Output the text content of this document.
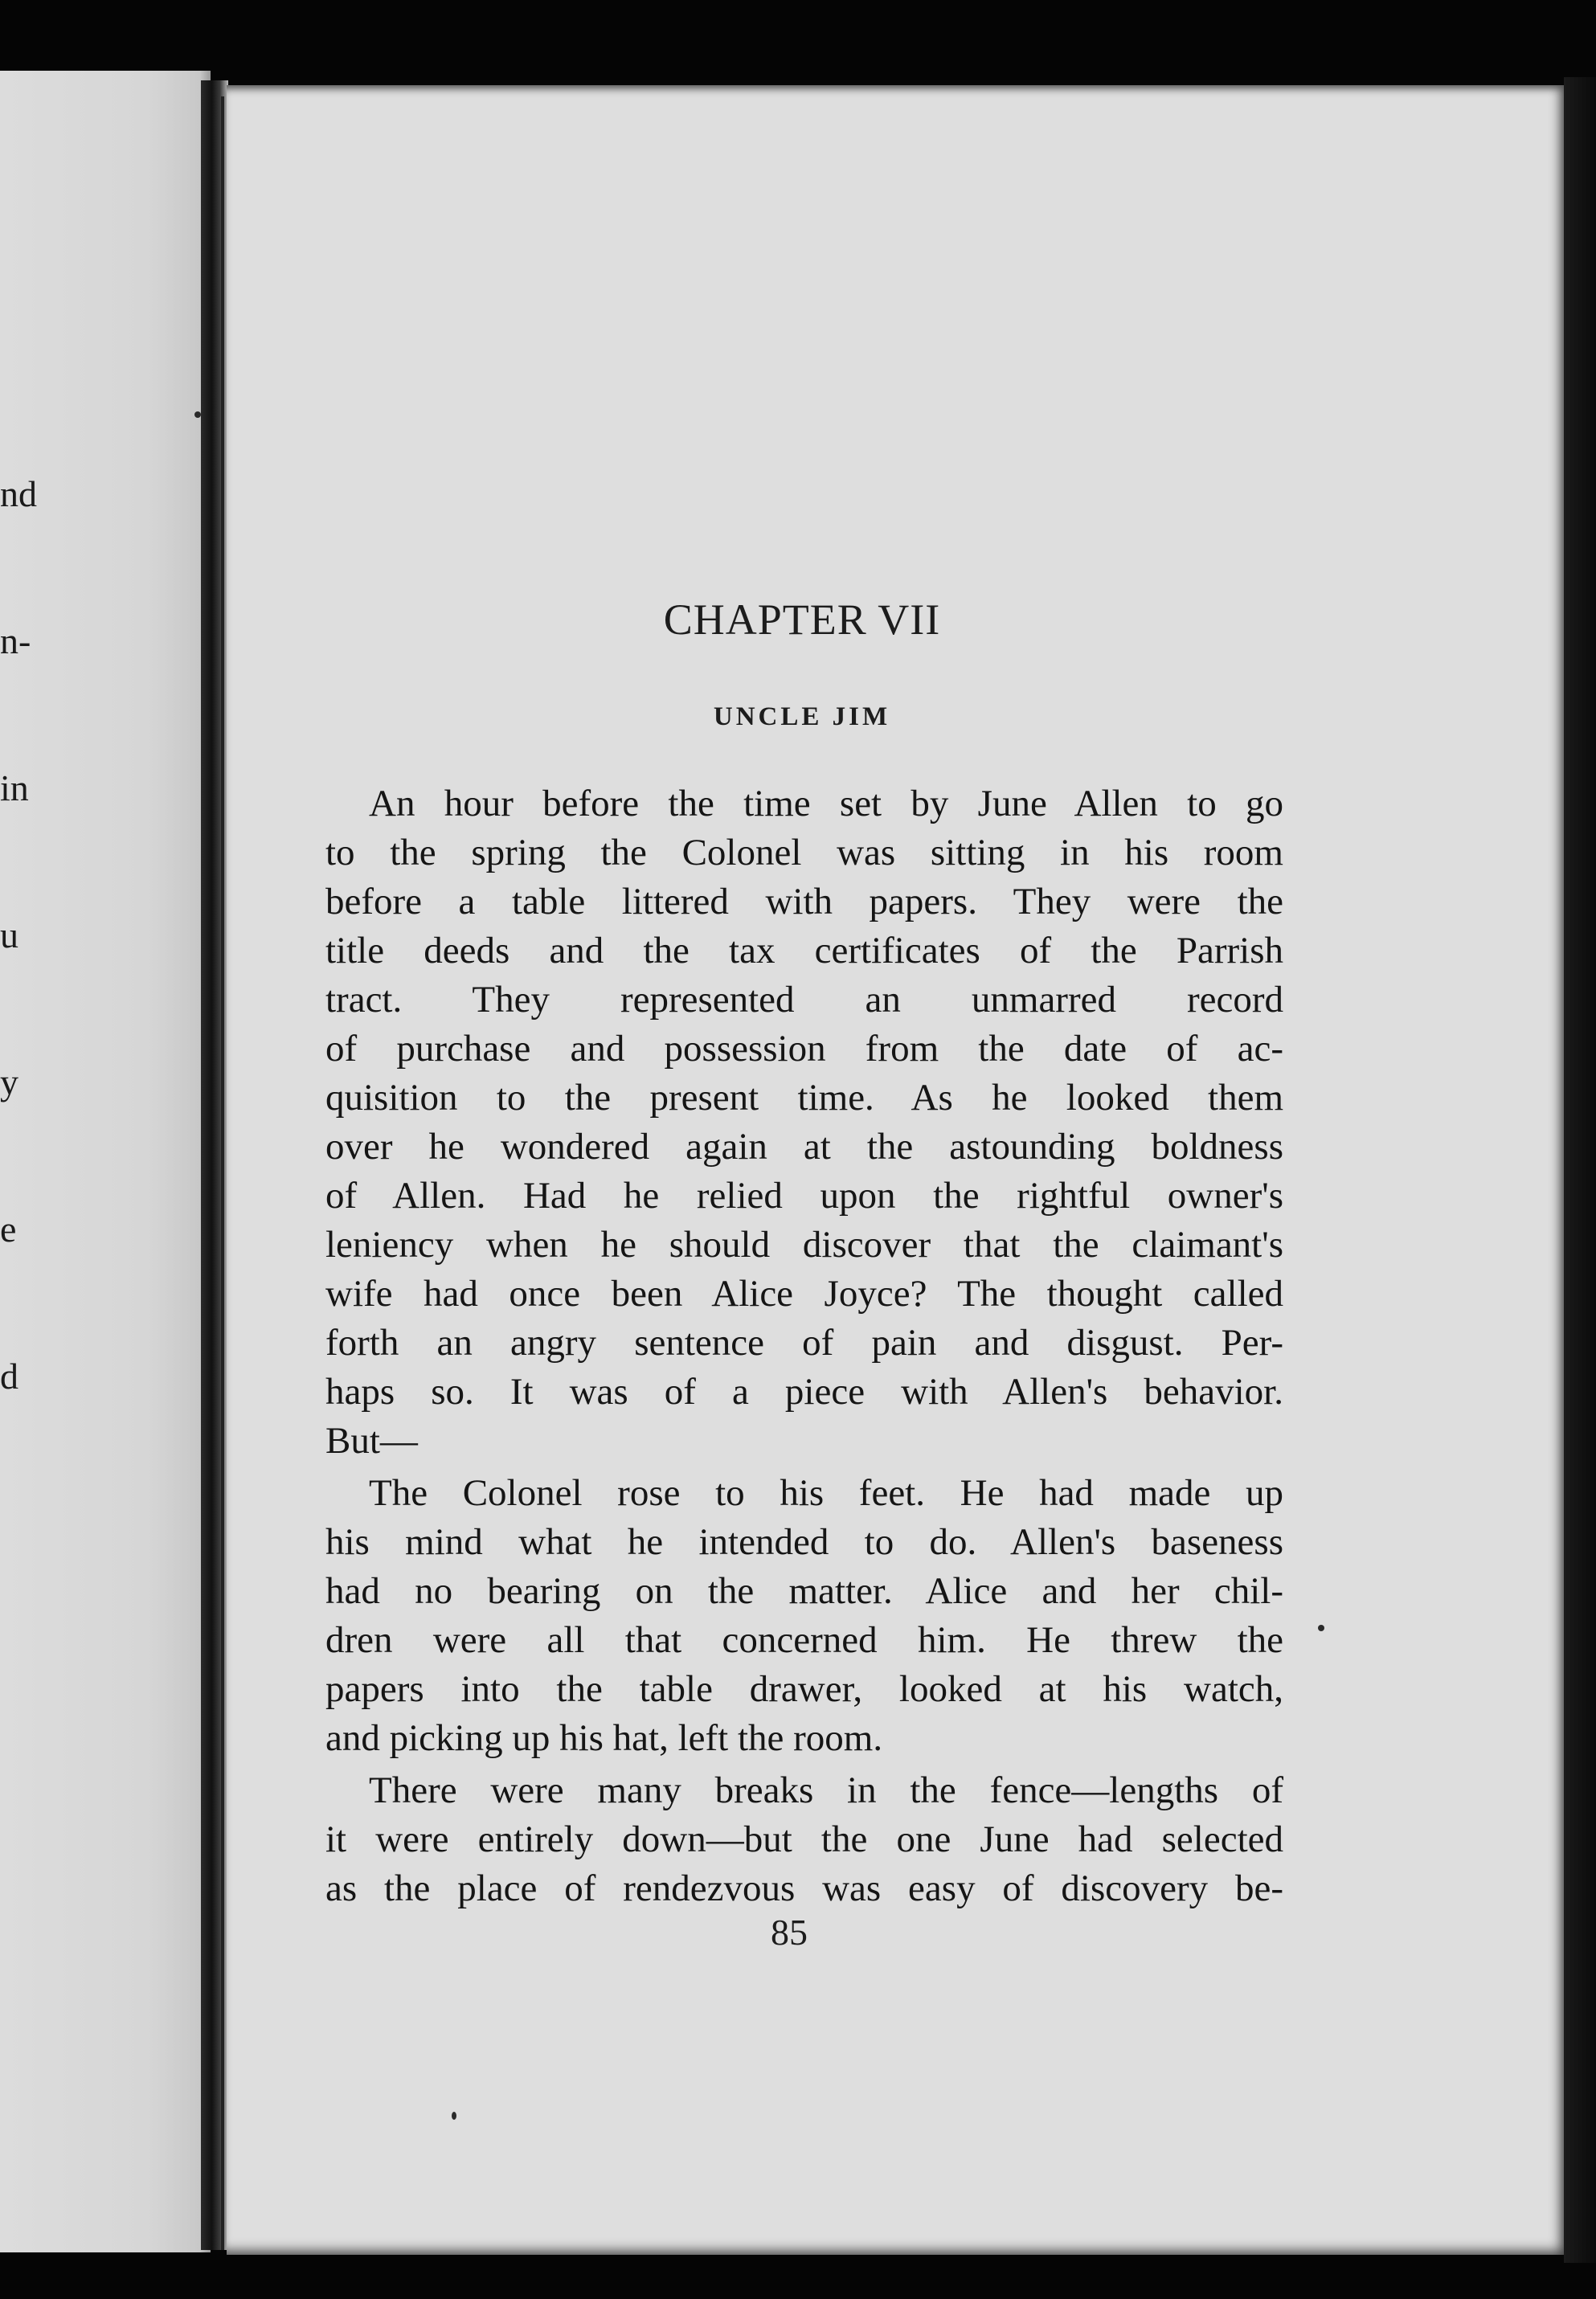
nd

n-

in

u

y

e

d

CHAPTER VII
UNCLE JIM
An hour before the time set by June Allen to go
to the spring the Colonel was sitting in his room
before a table littered with papers. They were the
title deeds and the tax certificates of the Parrish
tract. They represented an unmarred record
of purchase and possession from the date of ac-
quisition to the present time. As he looked them
over he wondered again at the astounding boldness
of Allen. Had he relied upon the rightful owner's
leniency when he should discover that the claimant's
wife had once been Alice Joyce? The thought called
forth an angry sentence of pain and disgust. Per-
haps so. It was of a piece with Allen's behavior.
But—
The Colonel rose to his feet. He had made up
his mind what he intended to do. Allen's baseness
had no bearing on the matter. Alice and her chil-
dren were all that concerned him. He threw the
papers into the table drawer, looked at his watch,
and picking up his hat, left the room.
There were many breaks in the fence—lengths of
it were entirely down—but the one June had selected
as the place of rendezvous was easy of discovery be-
85
